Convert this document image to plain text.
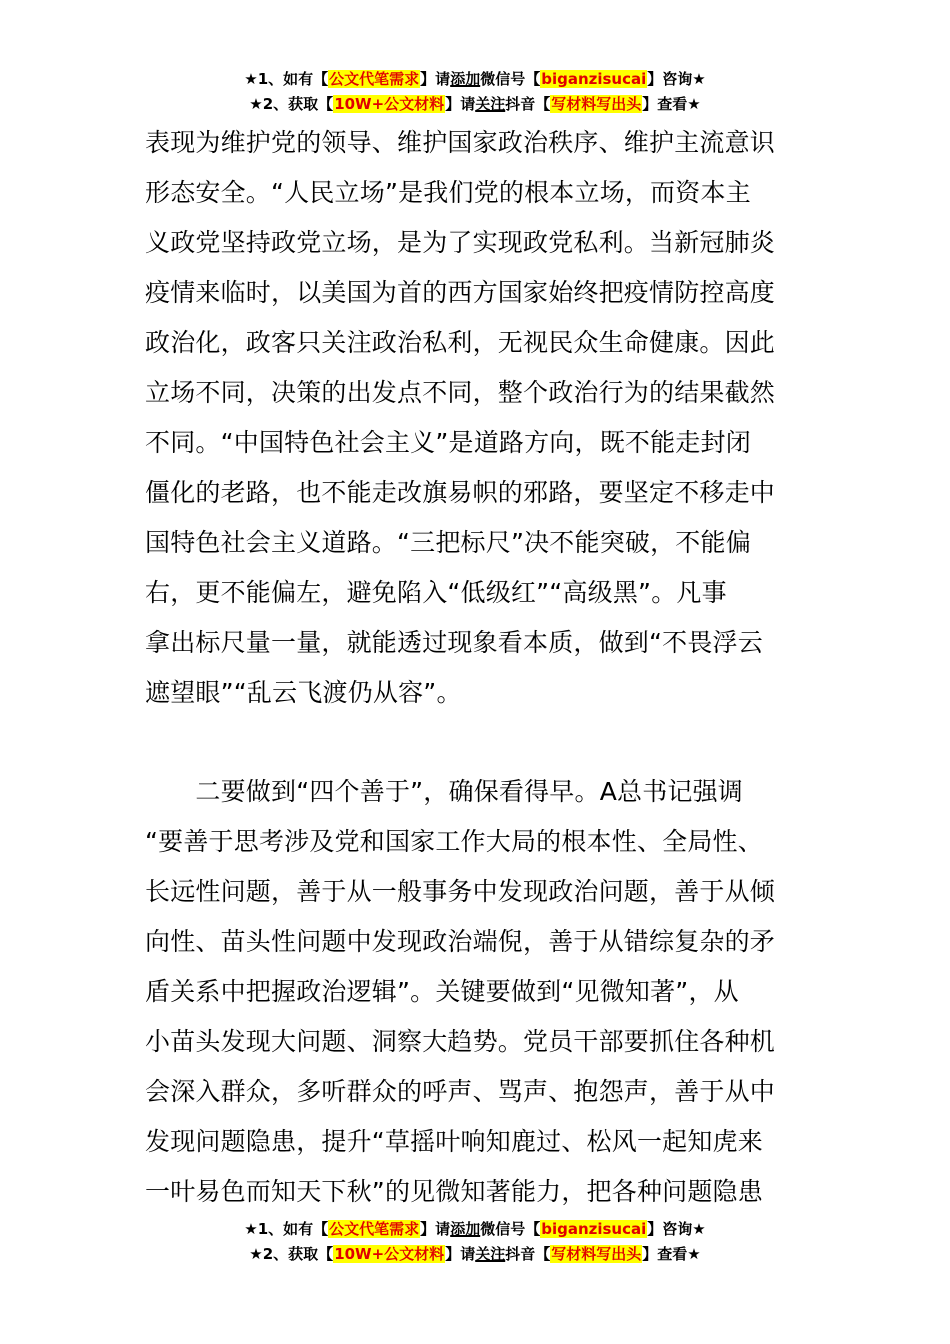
★1、如有【公文代笔需求】请添加微信号【biganzisucai】咨询★
★2、获取【10W+公文材料】请关注抖音【写材料写出头】查看★
表现为维护党的领导、维护国家政治秩序、维护主流意识
形态安全。“人民立场”是我们党的根本立场，而资本主
义政党坚持政党立场，是为了实现政党私利。当新冠肺炎
疫情来临时，以美国为首的西方国家始终把疫情防控高度
政治化，政客只关注政治私利，无视民众生命健康。因此
立场不同，决策的出发点不同，整个政治行为的结果截然
不同。“中国特色社会主义”是道路方向，既不能走封闭
僵化的老路，也不能走改旗易帜的邪路，要坚定不移走中
国特色社会主义道路。“三把标尺”决不能突破，不能偏
右，更不能偏左，避免陷入“低级红”“高级黑”。凡事
拿出标尺量一量，就能透过现象看本质，做到“不畏浮云
遮望眼”“乱云飞渡仍从容”。
　　二要做到“四个善于”，确保看得早。A总书记强调
“要善于思考涉及党和国家工作大局的根本性、全局性、
长远性问题，善于从一般事务中发现政治问题，善于从倾
向性、苗头性问题中发现政治端倪，善于从错综复杂的矛
盾关系中把握政治逻辑”。关键要做到“见微知著”，从
小苗头发现大问题、洞察大趋势。党员干部要抓住各种机
会深入群众，多听群众的呼声、骂声、抱怨声，善于从中
发现问题隐患，提升“草摇叶响知鹿过、松风一起知虎来
一叶易色而知天下秋”的见微知著能力，把各种问题隐患
★1、如有【公文代笔需求】请添加微信号【biganzisucai】咨询★
★2、获取【10W+公文材料】请关注抖音【写材料写出头】查看★
